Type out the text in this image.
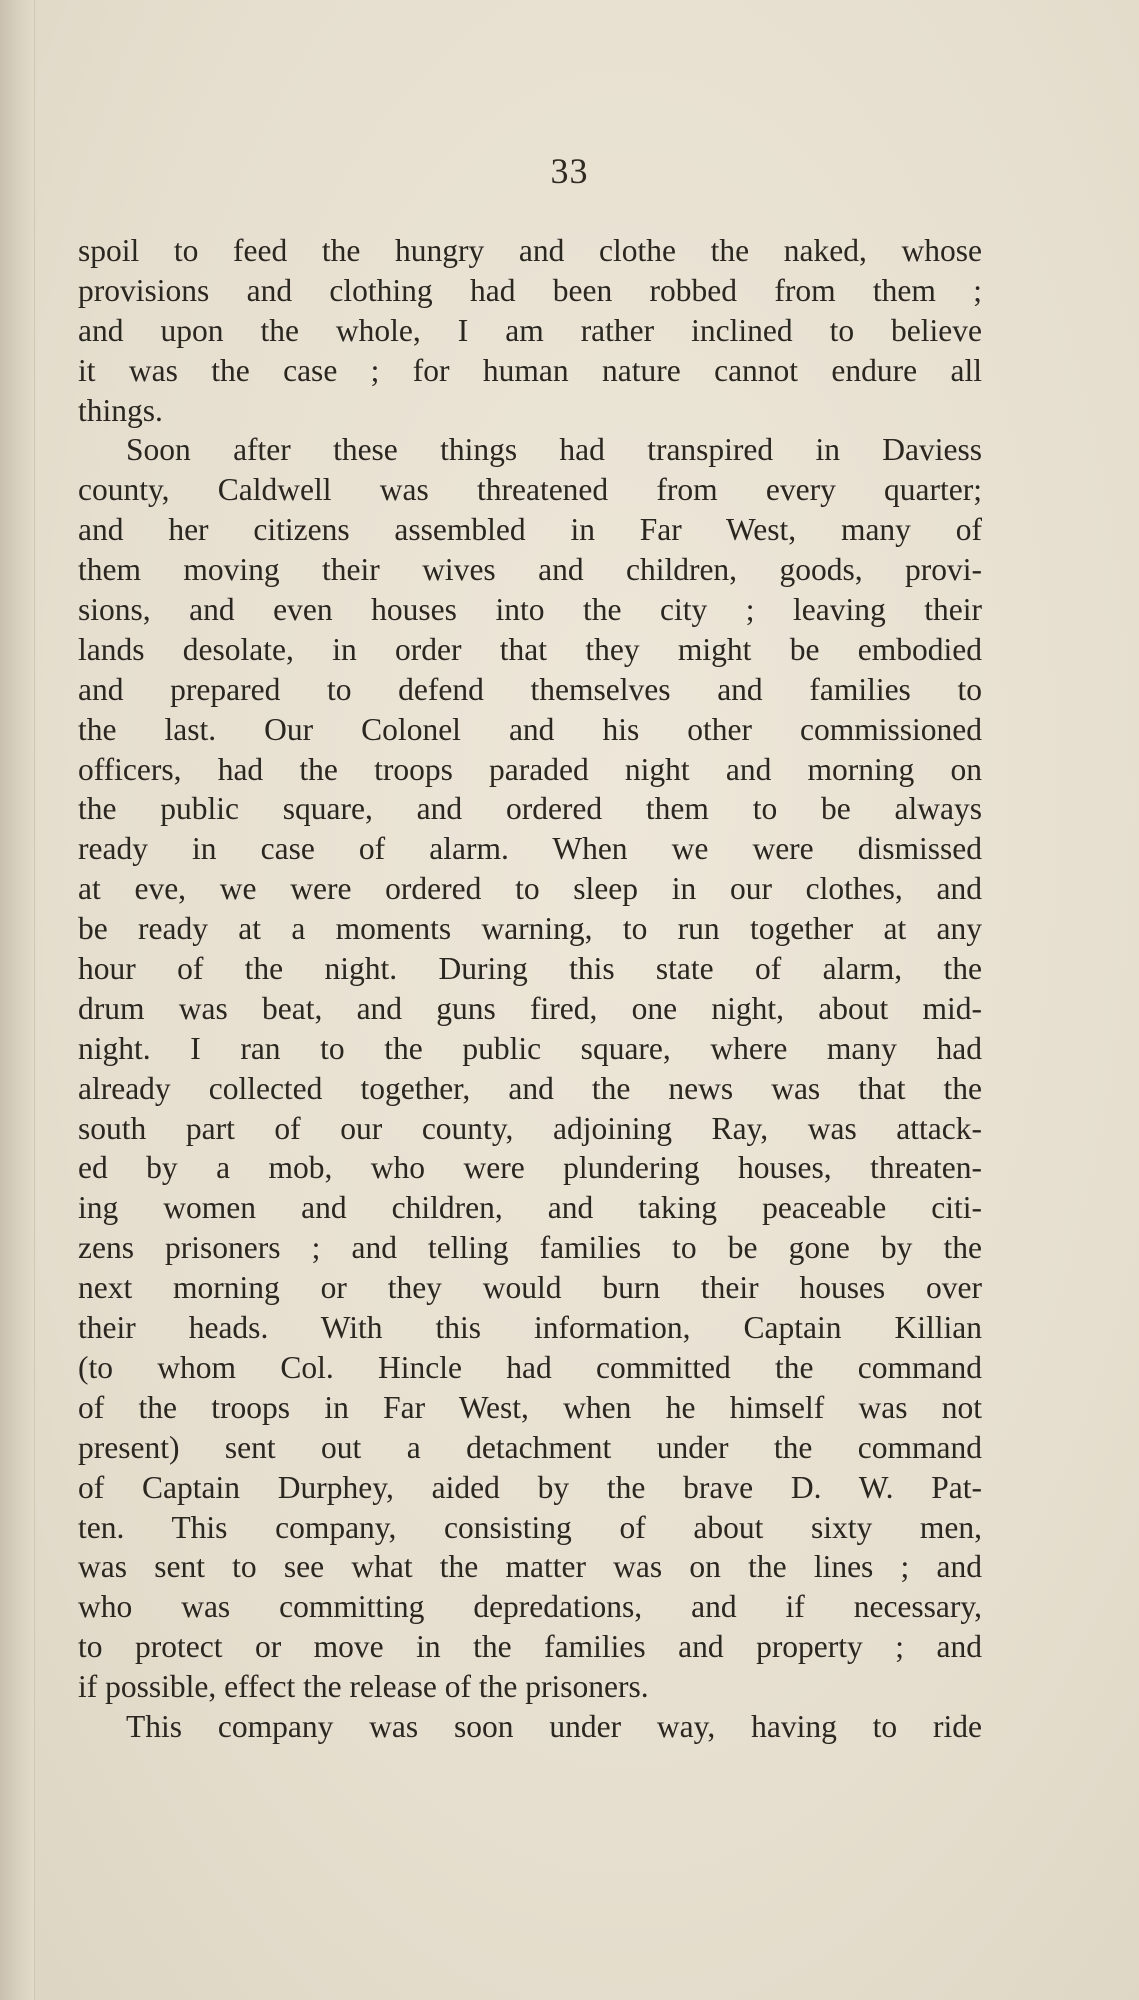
33
spoil to feed the hungry and clothe the naked, whose
provisions and clothing had been robbed from them ;
and upon the whole, I am rather inclined to believe
it was the case ; for human nature cannot endure all
things.
Soon after these things had transpired in Daviess
county, Caldwell was threatened from every quarter;
and her citizens assembled in Far West, many of
them moving their wives and children, goods, provi-
sions, and even houses into the city ; leaving their
lands desolate, in order that they might be embodied
and prepared to defend themselves and families to
the last. Our Colonel and his other commissioned
officers, had the troops paraded night and morning on
the public square, and ordered them to be always
ready in case of alarm. When we were dismissed
at eve, we were ordered to sleep in our clothes, and
be ready at a moments warning, to run together at any
hour of the night. During this state of alarm, the
drum was beat, and guns fired, one night, about mid-
night. I ran to the public square, where many had
already collected together, and the news was that the
south part of our county, adjoining Ray, was attack-
ed by a mob, who were plundering houses, threaten-
ing women and children, and taking peaceable citi-
zens prisoners ; and telling families to be gone by the
next morning or they would burn their houses over
their heads. With this information, Captain Killian
(to whom Col. Hincle had committed the command
of the troops in Far West, when he himself was not
present) sent out a detachment under the command
of Captain Durphey, aided by the brave D. W. Pat-
ten. This company, consisting of about sixty men,
was sent to see what the matter was on the lines ; and
who was committing depredations, and if necessary,
to protect or move in the families and property ; and
if possible, effect the release of the prisoners.
This company was soon under way, having to ride
